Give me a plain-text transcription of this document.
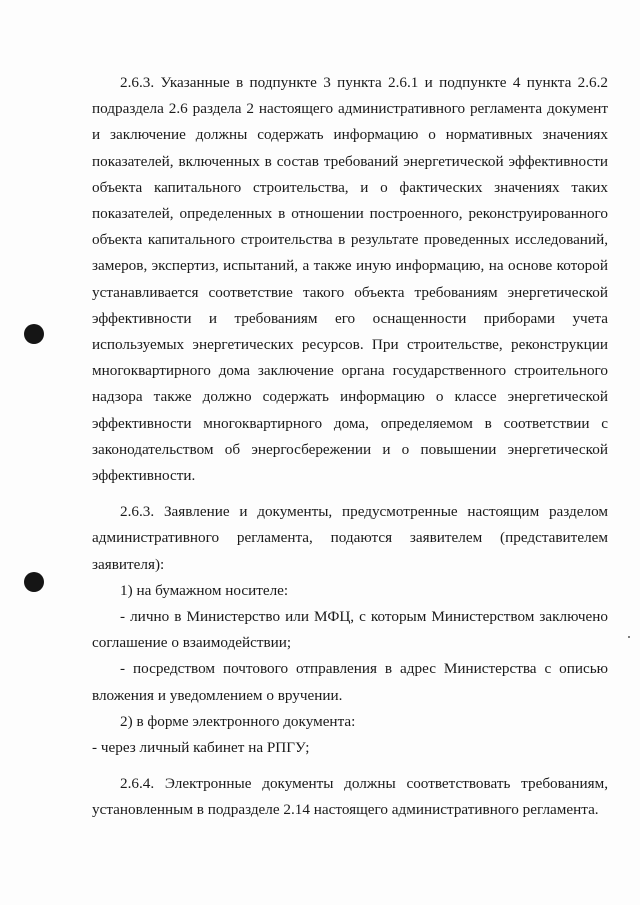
2.6.3. Указанные в подпункте 3 пункта 2.6.1 и подпункте 4 пункта 2.6.2 подраздела 2.6 раздела 2 настоящего административного регламента документ и заключение должны содержать информацию о нормативных значениях показателей, включенных в состав требований энергетической эффективности объекта капитального строительства, и о фактических значениях таких показателей, определенных в отношении построенного, реконструированного объекта капитального строительства в результате проведенных исследований, замеров, экспертиз, испытаний, а также иную информацию, на основе которой устанавливается соответствие такого объекта требованиям энергетической эффективности и требованиям его оснащенности приборами учета используемых энергетических ресурсов. При строительстве, реконструкции многоквартирного дома заключение органа государственного строительного надзора также должно содержать информацию о классе энергетической эффективности многоквартирного дома, определяемом в соответствии с законодательством об энергосбережении и о повышении энергетической эффективности.

2.6.3. Заявление и документы, предусмотренные настоящим разделом административного регламента, подаются заявителем (представителем заявителя):

1) на бумажном носителе:

- лично в Министерство или МФЦ, с которым Министерством заключено соглашение о взаимодействии;

- посредством почтового отправления в адрес Министерства с описью вложения и уведомлением о вручении.

2) в форме электронного документа:

- через личный кабинет на РПГУ;

2.6.4. Электронные документы должны соответствовать требованиям, установленным в подразделе 2.14 настоящего административного регламента.
